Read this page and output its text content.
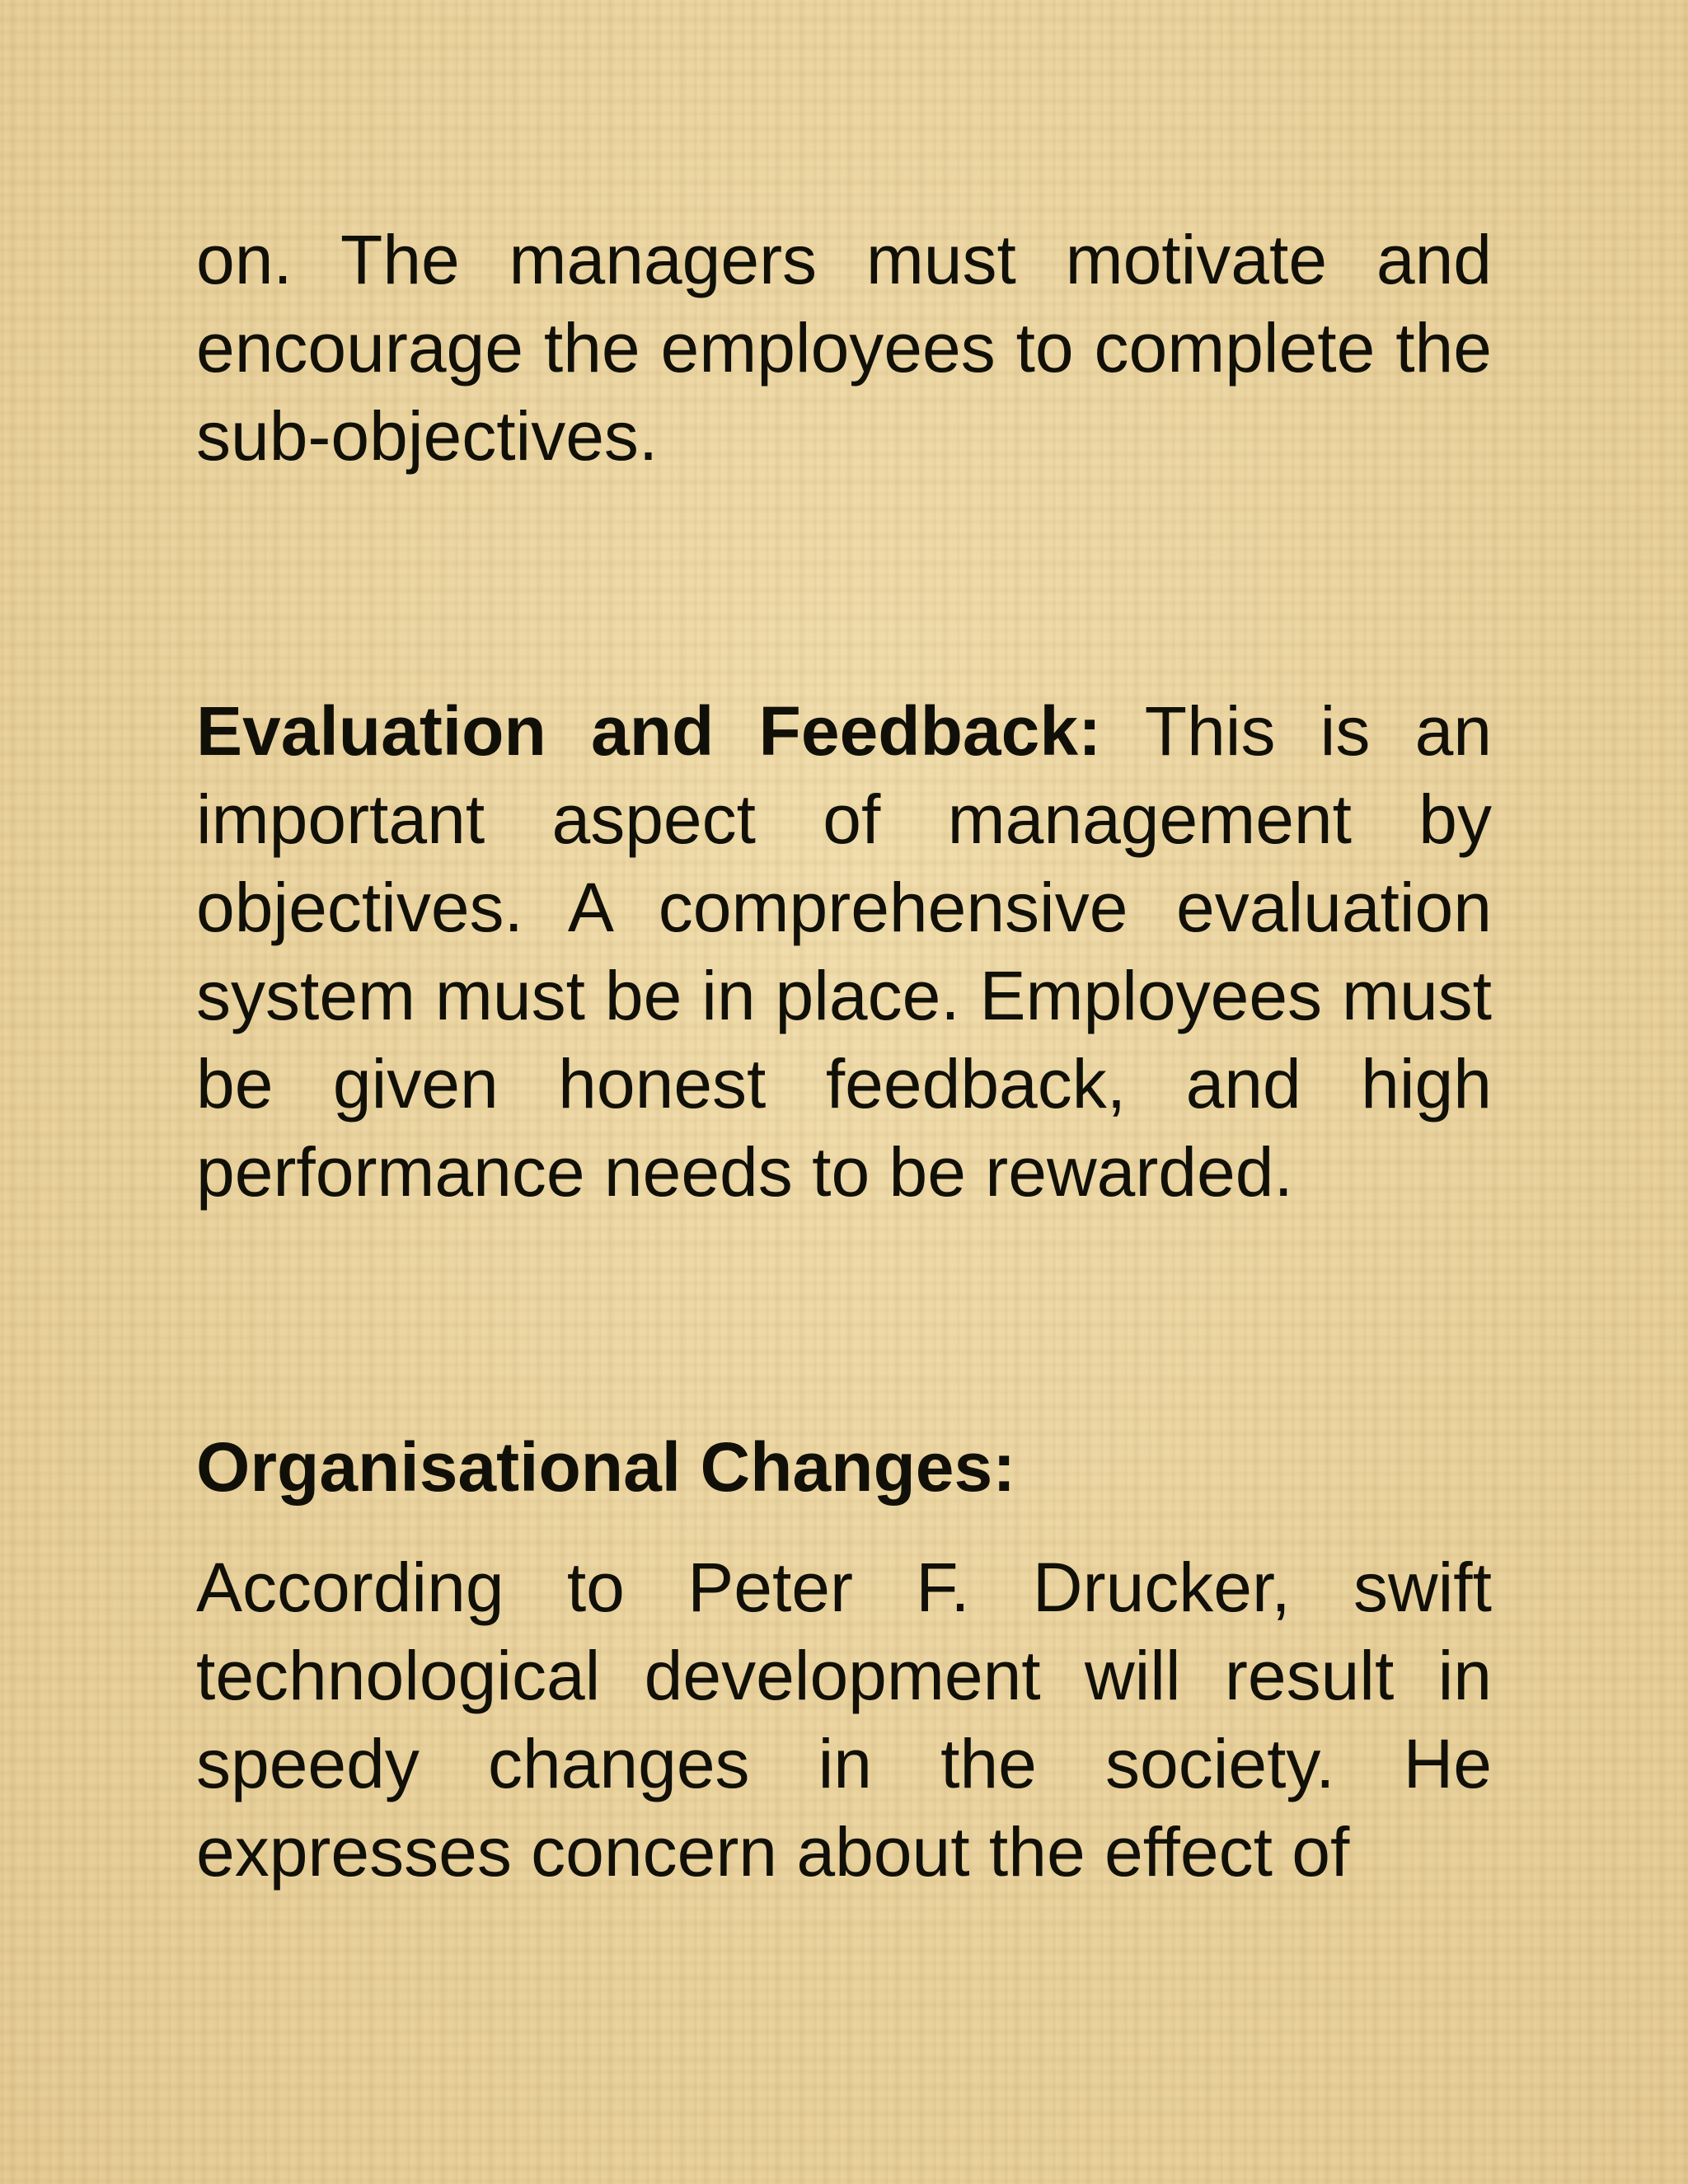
on. The managers must motivate and encourage the employees to complete the sub-objectives.

Evaluation and Feedback: This is an important aspect of management by objectives. A comprehensive evaluation system must be in place. Employees must be given honest feedback, and high performance needs to be rewarded.

Organisational Changes:

According to Peter F. Drucker, swift technological development will result in speedy changes in the society. He expresses concern about the effect of
